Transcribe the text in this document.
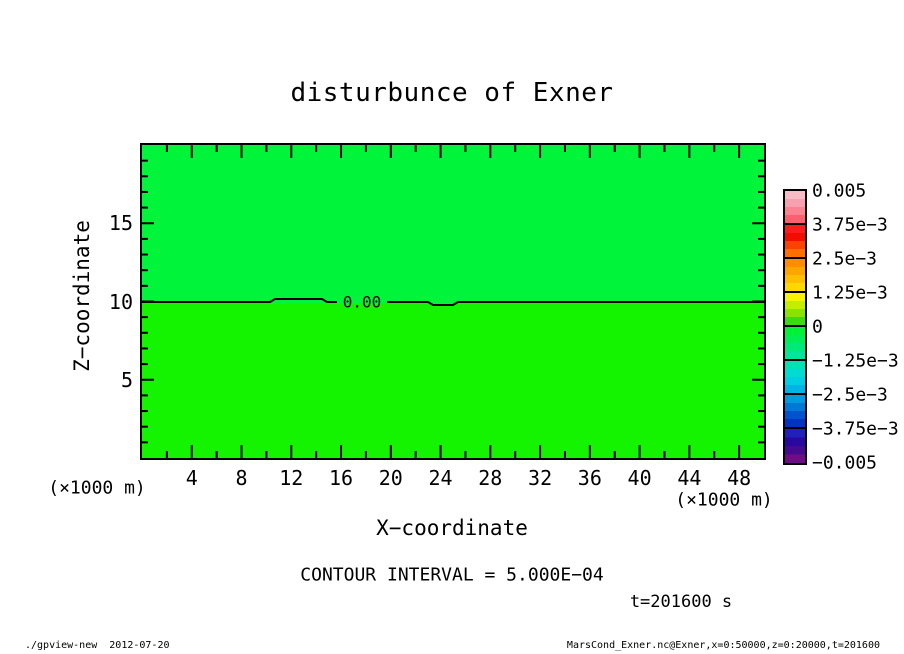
disturbunce of Exner
0.00
Z−coordinate
X−coordinate
(×1000 m)
(×1000 m)
CONTOUR INTERVAL = 5.000E−04
t=201600 s
./gpview-new  2012-07-20	MarsCond_Exner.nc@Exner,x=0:50000,z=0:20000,t=201600
4 8 12 16 20 24 28 32 36 40 44 48
5
10
15
0.005
3.75e−3
2.5e−3
1.25e−3
0
−1.25e−3
−2.5e−3
−3.75e−3
−0.005
